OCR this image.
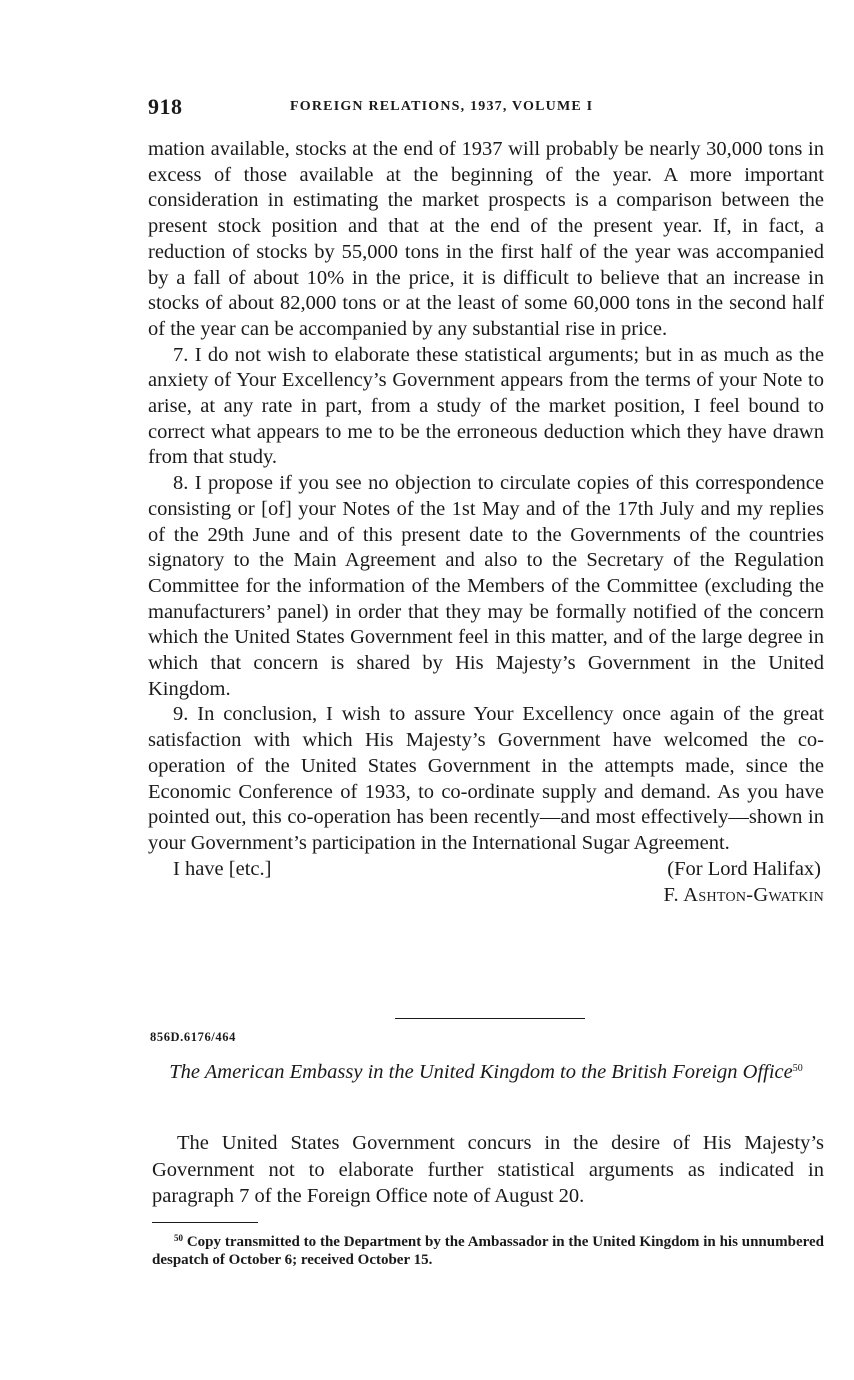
918	FOREIGN RELATIONS, 1937, VOLUME I

mation available, stocks at the end of 1937 will probably be nearly 30,000 tons in excess of those available at the beginning of the year. A more important consideration in estimating the market prospects is a comparison between the present stock position and that at the end of the present year. If, in fact, a reduction of stocks by 55,000 tons in the first half of the year was accompanied by a fall of about 10% in the price, it is difficult to believe that an increase in stocks of about 82,000 tons or at the least of some 60,000 tons in the second half of the year can be accompanied by any substantial rise in price.

7. I do not wish to elaborate these statistical arguments; but in as much as the anxiety of Your Excellency’s Government appears from the terms of your Note to arise, at any rate in part, from a study of the market position, I feel bound to correct what appears to me to be the erroneous deduction which they have drawn from that study.

8. I propose if you see no objection to circulate copies of this correspondence consisting or [of] your Notes of the 1st May and of the 17th July and my replies of the 29th June and of this present date to the Governments of the countries signatory to the Main Agreement and also to the Secretary of the Regulation Committee for the information of the Members of the Committee (excluding the manufacturers’ panel) in order that they may be formally notified of the concern which the United States Government feel in this matter, and of the large degree in which that concern is shared by His Majesty’s Government in the United Kingdom.

9. In conclusion, I wish to assure Your Excellency once again of the great satisfaction with which His Majesty’s Government have welcomed the co-operation of the United States Government in the attempts made, since the Economic Conference of 1933, to co-ordinate supply and demand. As you have pointed out, this co-operation has been recently—and most effectively—shown in your Government’s participation in the International Sugar Agreement.

I have [etc.]	(For Lord Halifax)
F. Ashton-Gwatkin
856D.6176/464
The American Embassy in the United Kingdom to the British Foreign Office$^{50}$

The United States Government concurs in the desire of His Majesty’s Government not to elaborate further statistical arguments as indicated in paragraph 7 of the Foreign Office note of August 20.

$^{50}$ Copy transmitted to the Department by the Ambassador in the United Kingdom in his unnumbered despatch of October 6; received October 15.
